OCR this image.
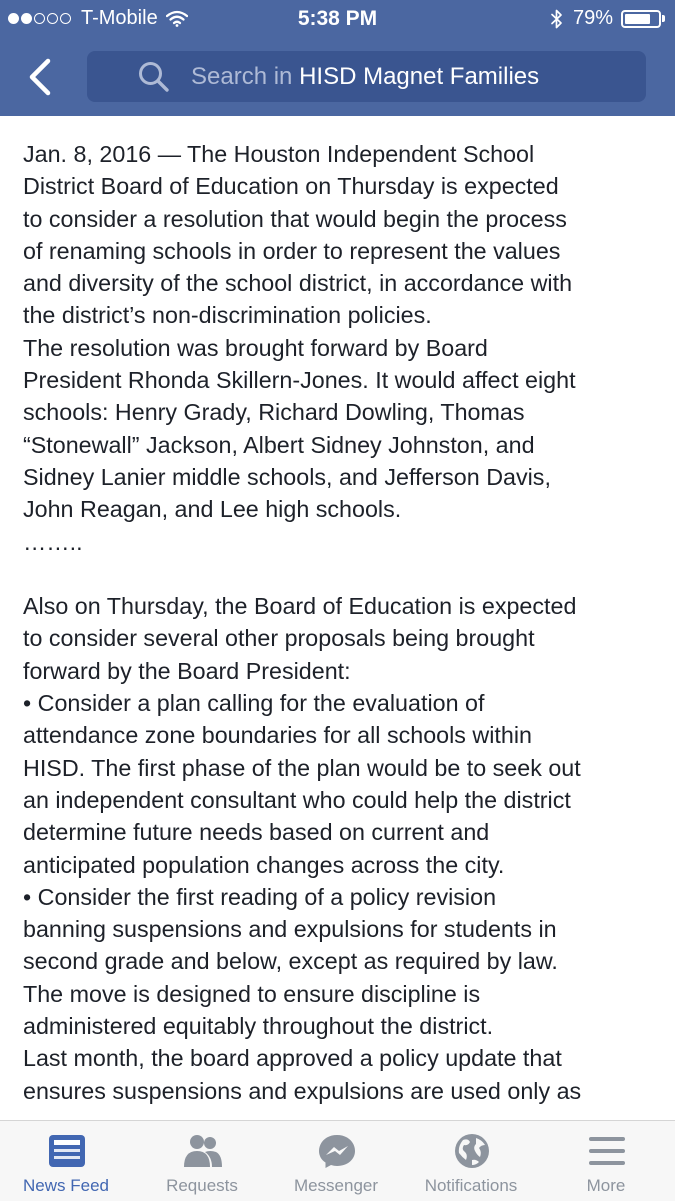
T-Mobile	5:38 PM	79%
Search in HISD Magnet Families

Jan. 8, 2016 — The Houston Independent School

District Board of Education on Thursday is expected

to consider a resolution that would begin the process

of renaming schools in order to represent the values

and diversity of the school district, in accordance with

the district’s non-discrimination policies.

The resolution was brought forward by Board

President Rhonda Skillern-Jones. It would affect eight

schools: Henry Grady, Richard Dowling, Thomas

“Stonewall” Jackson, Albert Sidney Johnston, and

Sidney Lanier middle schools, and Jefferson Davis,

John Reagan, and Lee high schools.

……..

Also on Thursday, the Board of Education is expected

to consider several other proposals being brought

forward by the Board President:

• Consider a plan calling for the evaluation of

attendance zone boundaries for all schools within

HISD. The first phase of the plan would be to seek out

an independent consultant who could help the district

determine future needs based on current and

anticipated population changes across the city.

• Consider the first reading of a policy revision

banning suspensions and expulsions for students in

second grade and below, except as required by law.

The move is designed to ensure discipline is

administered equitably throughout the district.

Last month, the board approved a policy update that

ensures suspensions and expulsions are used only as

News Feed	Requests	Messenger	Notifications	More
